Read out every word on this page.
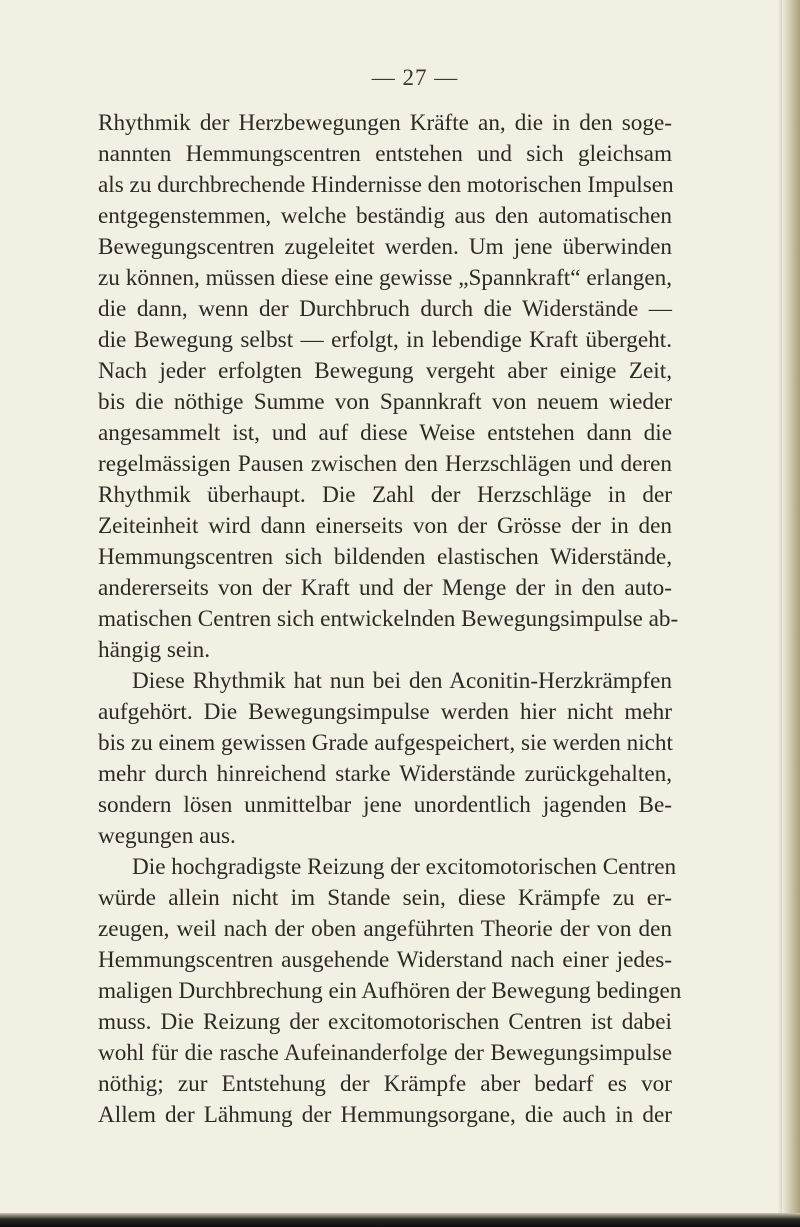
— 27 —
Rhythmik der Herzbewegungen Kräfte an, die in den soge-
nannten Hemmungscentren entstehen und sich gleichsam
als zu durchbrechende Hindernisse den motorischen Impulsen
entgegenstemmen, welche beständig aus den automatischen
Bewegungscentren zugeleitet werden. Um jene überwinden
zu können, müssen diese eine gewisse „Spannkraft“ erlangen,
die dann, wenn der Durchbruch durch die Widerstände —
die Bewegung selbst — erfolgt, in lebendige Kraft übergeht.
Nach jeder erfolgten Bewegung vergeht aber einige Zeit,
bis die nöthige Summe von Spannkraft von neuem wieder
angesammelt ist, und auf diese Weise entstehen dann die
regelmässigen Pausen zwischen den Herzschlägen und deren
Rhythmik überhaupt. Die Zahl der Herzschläge in der
Zeiteinheit wird dann einerseits von der Grösse der in den
Hemmungscentren sich bildenden elastischen Widerstände,
andererseits von der Kraft und der Menge der in den auto-
matischen Centren sich entwickelnden Bewegungsimpulse ab-
hängig sein.
Diese Rhythmik hat nun bei den Aconitin-Herzkrämpfen
aufgehört. Die Bewegungsimpulse werden hier nicht mehr
bis zu einem gewissen Grade aufgespeichert, sie werden nicht
mehr durch hinreichend starke Widerstände zurückgehalten,
sondern lösen unmittelbar jene unordentlich jagenden Be-
wegungen aus.
Die hochgradigste Reizung der excitomotorischen Centren
würde allein nicht im Stande sein, diese Krämpfe zu er-
zeugen, weil nach der oben angeführten Theorie der von den
Hemmungscentren ausgehende Widerstand nach einer jedes-
maligen Durchbrechung ein Aufhören der Bewegung bedingen
muss. Die Reizung der excitomotorischen Centren ist dabei
wohl für die rasche Aufeinanderfolge der Bewegungsimpulse
nöthig; zur Entstehung der Krämpfe aber bedarf es vor
Allem der Lähmung der Hemmungsorgane, die auch in der
